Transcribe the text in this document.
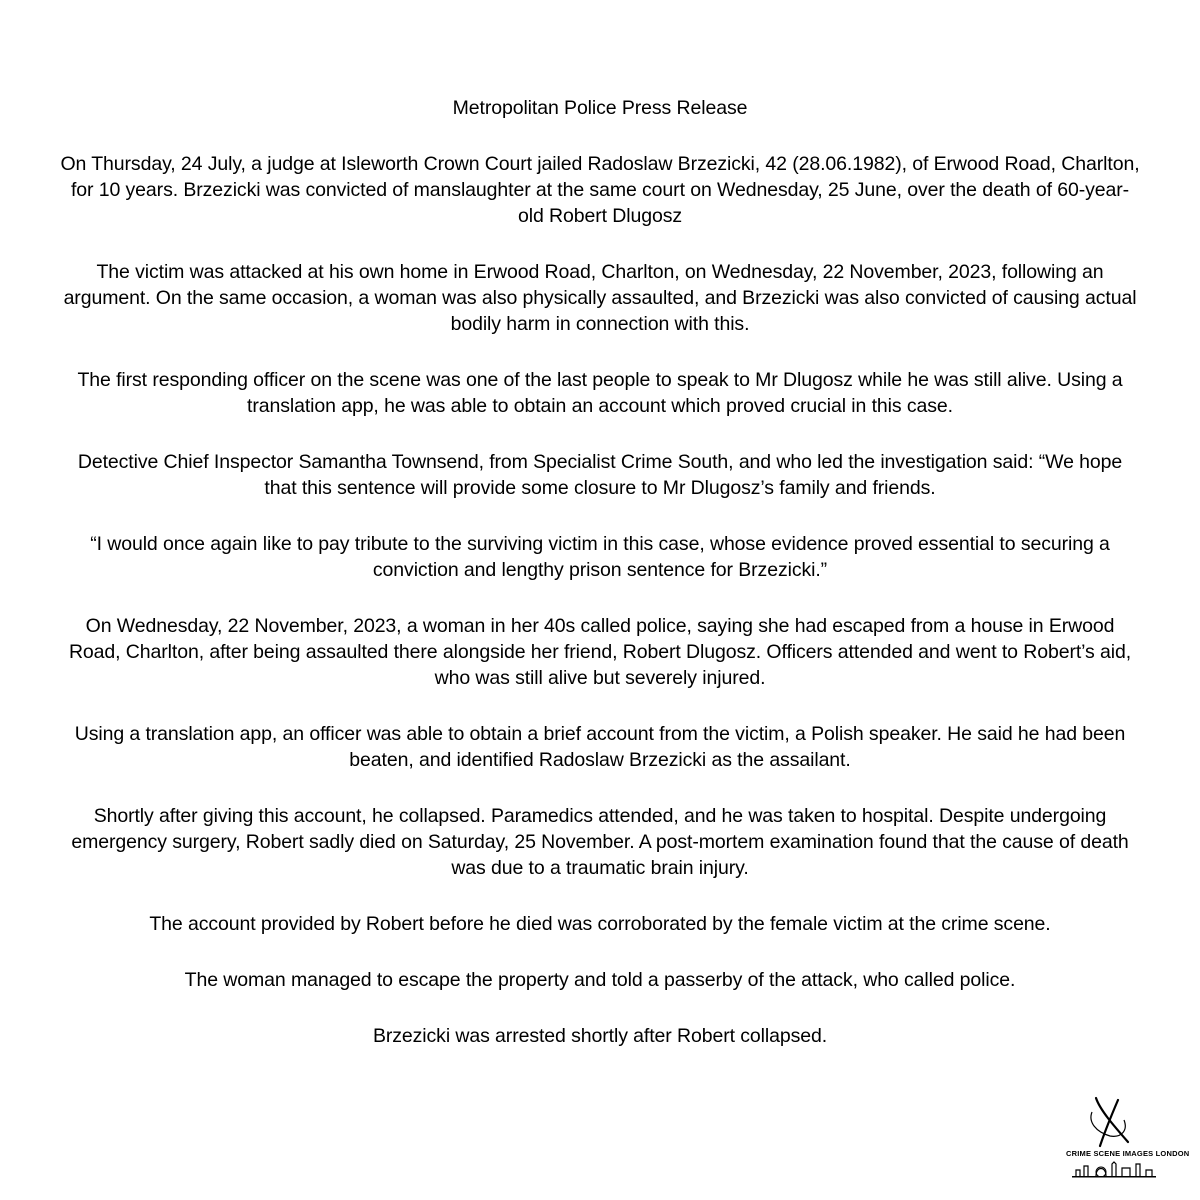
Metropolitan Police Press Release

On Thursday, 24 July, a judge at Isleworth Crown Court jailed Radoslaw Brzezicki, 42 (28.06.1982), of Erwood Road, Charlton, for 10 years. Brzezicki was convicted of manslaughter at the same court on Wednesday, 25 June, over the death of 60-year-old Robert Dlugosz

The victim was attacked at his own home in Erwood Road, Charlton, on Wednesday, 22 November, 2023, following an argument. On the same occasion, a woman was also physically assaulted, and Brzezicki was also convicted of causing actual bodily harm in connection with this.

The first responding officer on the scene was one of the last people to speak to Mr Dlugosz while he was still alive. Using a translation app, he was able to obtain an account which proved crucial in this case.

Detective Chief Inspector Samantha Townsend, from Specialist Crime South, and who led the investigation said: “We hope that this sentence will provide some closure to Mr Dlugosz’s family and friends.

“I would once again like to pay tribute to the surviving victim in this case, whose evidence proved essential to securing a conviction and lengthy prison sentence for Brzezicki.”

On Wednesday, 22 November, 2023, a woman in her 40s called police, saying she had escaped from a house in Erwood Road, Charlton, after being assaulted there alongside her friend, Robert Dlugosz. Officers attended and went to Robert’s aid, who was still alive but severely injured.

Using a translation app, an officer was able to obtain a brief account from the victim, a Polish speaker. He said he had been beaten, and identified Radoslaw Brzezicki as the assailant.

Shortly after giving this account, he collapsed. Paramedics attended, and he was taken to hospital. Despite undergoing emergency surgery, Robert sadly died on Saturday, 25 November. A post-mortem examination found that the cause of death was due to a traumatic brain injury.

The account provided by Robert before he died was corroborated by the female victim at the crime scene.

The woman managed to escape the property and told a passerby of the attack, who called police.

Brzezicki was arrested shortly after Robert collapsed.

CRIME SCENE IMAGES LONDON
